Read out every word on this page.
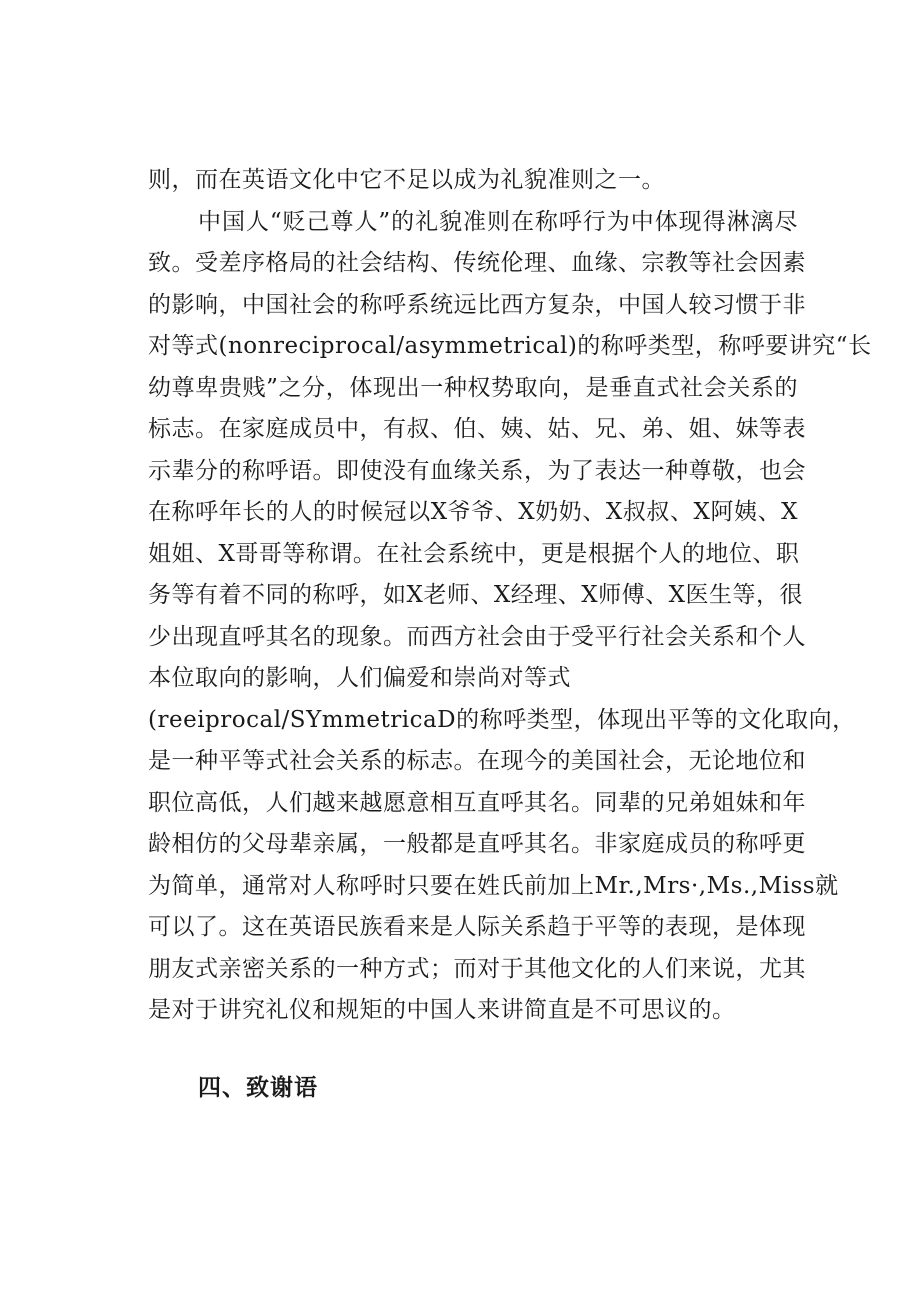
则，而在英语文化中它不足以成为礼貌准则之一。
中国人“贬己尊人”的礼貌准则在称呼行为中体现得淋漓尽
致。受差序格局的社会结构、传统伦理、血缘、宗教等社会因素
的影响，中国社会的称呼系统远比西方复杂，中国人较习惯于非
对等式(nonreciprocal/asymmetrical)的称呼类型，称呼要讲究“长
幼尊卑贵贱”之分，体现出一种权势取向，是垂直式社会关系的
标志。在家庭成员中，有叔、伯、姨、姑、兄、弟、姐、妹等表
示辈分的称呼语。即使没有血缘关系，为了表达一种尊敬，也会
在称呼年长的人的时候冠以X爷爷、X奶奶、X叔叔、X阿姨、X
姐姐、X哥哥等称谓。在社会系统中，更是根据个人的地位、职
务等有着不同的称呼，如X老师、X经理、X师傅、X医生等，很
少出现直呼其名的现象。而西方社会由于受平行社会关系和个人
本位取向的影响，人们偏爱和崇尚对等式
(reeiprocal/SYmmetricaD的称呼类型，体现出平等的文化取向，
是一种平等式社会关系的标志。在现今的美国社会，无论地位和
职位高低，人们越来越愿意相互直呼其名。同辈的兄弟姐妹和年
龄相仿的父母辈亲属，一般都是直呼其名。非家庭成员的称呼更
为简单，通常对人称呼时只要在姓氏前加上Mr.,Mrs·,Ms.,Miss就
可以了。这在英语民族看来是人际关系趋于平等的表现，是体现
朋友式亲密关系的一种方式；而对于其他文化的人们来说，尤其
是对于讲究礼仪和规矩的中国人来讲简直是不可思议的。
四、致谢语
